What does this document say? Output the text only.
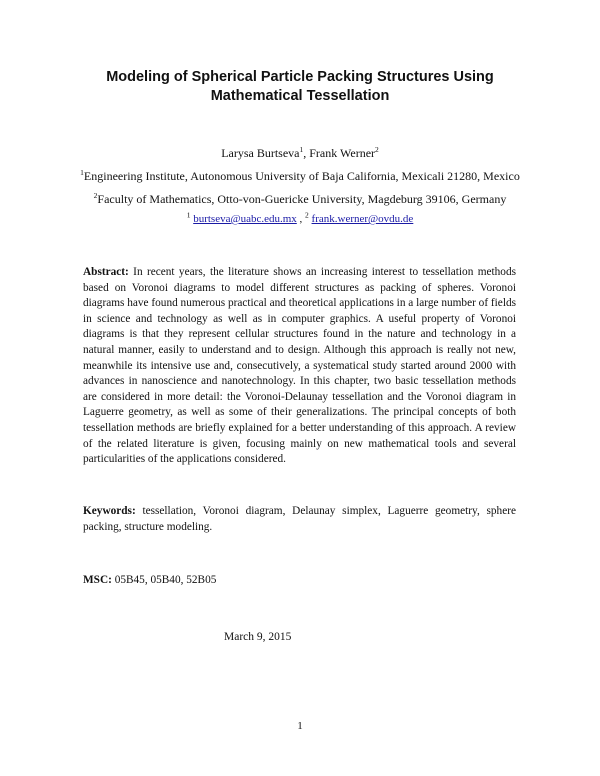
Modeling of Spherical Particle Packing Structures Using Mathematical Tessellation
Larysa Burtseva$^1$, Frank Werner$^2$
$^1$Engineering Institute, Autonomous University of Baja California, Mexicali 21280, Mexico
$^2$Faculty of Mathematics, Otto-von-Guericke University, Magdeburg 39106, Germany
$^1$ burtseva@uabc.edu.mx , $^2$ frank.werner@ovdu.de
Abstract: In recent years, the literature shows an increasing interest to tessellation methods based on Voronoi diagrams to model different structures as packing of spheres. Voronoi diagrams have found numerous practical and theoretical applications in a large number of fields in science and technology as well as in computer graphics. A useful property of Voronoi diagrams is that they represent cellular structures found in the nature and technology in a natural manner, easily to understand and to design. Although this approach is really not new, meanwhile its intensive use and, consecutively, a systematical study started around 2000 with advances in nanoscience and nanotechnology. In this chapter, two basic tessellation methods are considered in more detail: the Voronoi-Delaunay tessellation and the Voronoi diagram in Laguerre geometry, as well as some of their generalizations. The principal concepts of both tessellation methods are briefly explained for a better understanding of this approach. A review of the related literature is given, focusing mainly on new mathematical tools and several particularities of the applications considered.
Keywords: tessellation, Voronoi diagram, Delaunay simplex, Laguerre geometry, sphere packing, structure modeling.
MSC: 05B45, 05B40, 52B05
March 9, 2015
1
